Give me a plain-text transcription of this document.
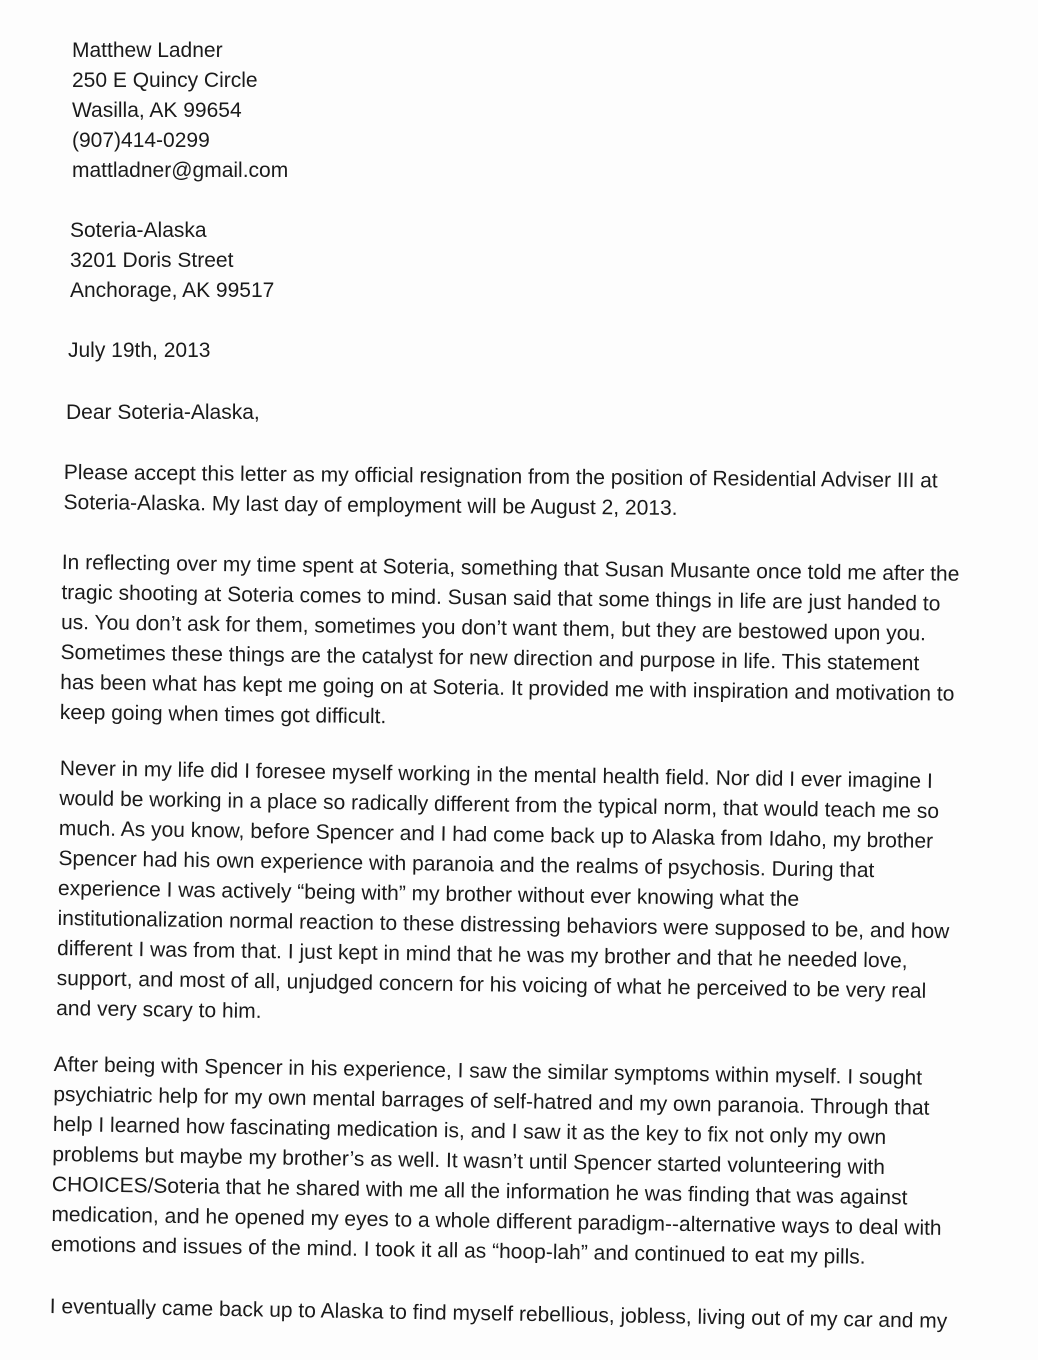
Matthew Ladner
250 E Quincy Circle
Wasilla, AK 99654
(907)414-0299
mattladner@gmail.com
Soteria-Alaska
3201 Doris Street
Anchorage, AK 99517
July 19th, 2013
Dear Soteria-Alaska,
Please accept this letter as my official resignation from the position of Residential Adviser III at
Soteria-Alaska. My last day of employment will be August 2, 2013.
In reflecting over my time spent at Soteria, something that Susan Musante once told me after the
tragic shooting at Soteria comes to mind. Susan said that some things in life are just handed to
us. You don’t ask for them, sometimes you don’t want them, but they are bestowed upon you.
Sometimes these things are the catalyst for new direction and purpose in life. This statement
has been what has kept me going on at Soteria. It provided me with inspiration and motivation to
keep going when times got difficult.
Never in my life did I foresee myself working in the mental health field. Nor did I ever imagine I
would be working in a place so radically different from the typical norm, that would teach me so
much. As you know, before Spencer and I had come back up to Alaska from Idaho, my brother
Spencer had his own experience with paranoia and the realms of psychosis. During that
experience I was actively “being with” my brother without ever knowing what the
institutionalization normal reaction to these distressing behaviors were supposed to be, and how
different I was from that. I just kept in mind that he was my brother and that he needed love,
support, and most of all, unjudged concern for his voicing of what he perceived to be very real
and very scary to him.
After being with Spencer in his experience, I saw the similar symptoms within myself. I sought
psychiatric help for my own mental barrages of self-hatred and my own paranoia. Through that
help I learned how fascinating medication is, and I saw it as the key to fix not only my own
problems but maybe my brother’s as well. It wasn’t until Spencer started volunteering with
CHOICES/Soteria that he shared with me all the information he was finding that was against
medication, and he opened my eyes to a whole different paradigm--alternative ways to deal with
emotions and issues of the mind. I took it all as “hoop-lah” and continued to eat my pills.
I eventually came back up to Alaska to find myself rebellious, jobless, living out of my car and my
